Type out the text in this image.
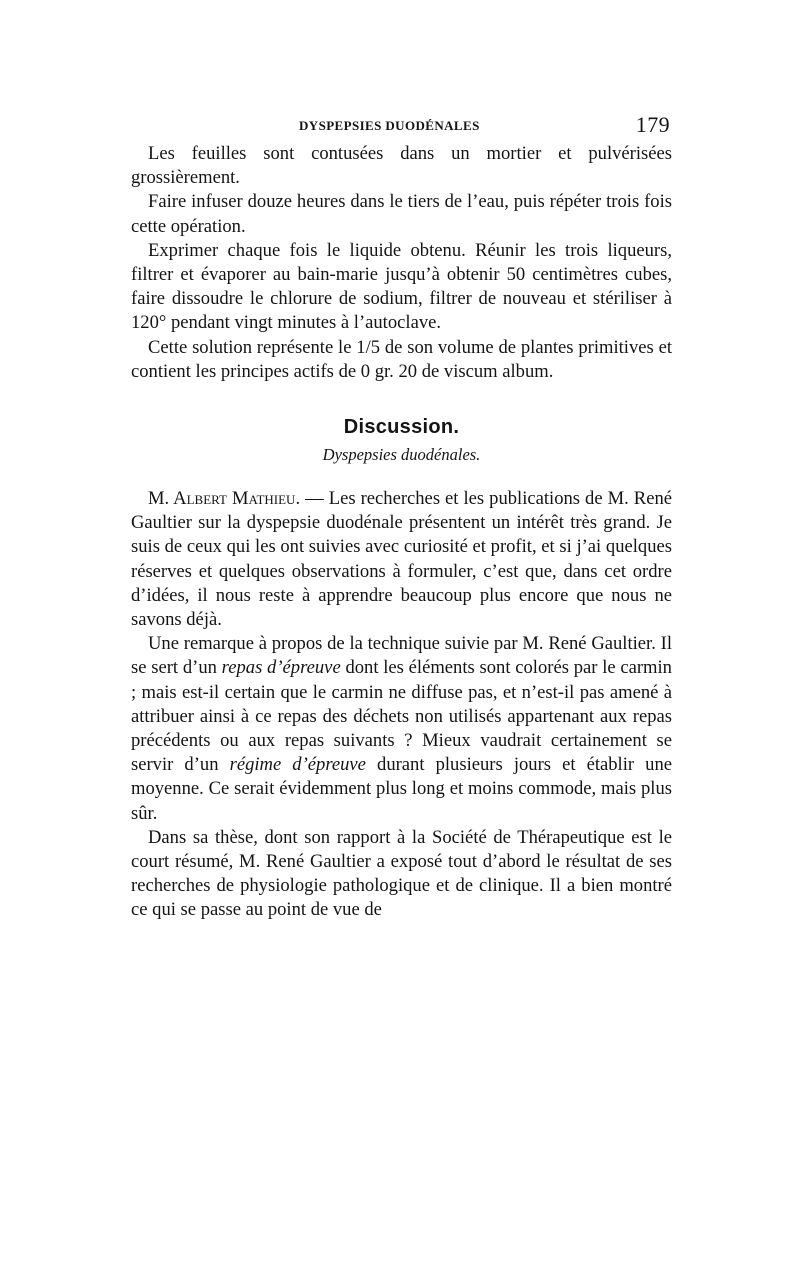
DYSPEPSIES DUODÉNALES	179

Les feuilles sont contusées dans un mortier et pulvérisées grossièrement.

Faire infuser douze heures dans le tiers de l’eau, puis répéter trois fois cette opération.

Exprimer chaque fois le liquide obtenu. Réunir les trois liqueurs, filtrer et évaporer au bain-marie jusqu’à obtenir 50 centimètres cubes, faire dissoudre le chlorure de sodium, filtrer de nouveau et stériliser à 120° pendant vingt minutes à l’autoclave.

Cette solution représente le 1/5 de son volume de plantes primitives et contient les principes actifs de 0 gr. 20 de viscum album.

Discussion.
Dyspepsies duodénales.

M. Albert Mathieu. — Les recherches et les publications de M. René Gaultier sur la dyspepsie duodénale présentent un intérêt très grand. Je suis de ceux qui les ont suivies avec curiosité et profit, et si j’ai quelques réserves et quelques observations à formuler, c’est que, dans cet ordre d’idées, il nous reste à apprendre beaucoup plus encore que nous ne savons déjà.

Une remarque à propos de la technique suivie par M. René Gaultier. Il se sert d’un repas d’épreuve dont les éléments sont colorés par le carmin ; mais est-il certain que le carmin ne diffuse pas, et n’est-il pas amené à attribuer ainsi à ce repas des déchets non utilisés appartenant aux repas précédents ou aux repas suivants ? Mieux vaudrait certainement se servir d’un régime d’épreuve durant plusieurs jours et établir une moyenne. Ce serait évidemment plus long et moins commode, mais plus sûr.

Dans sa thèse, dont son rapport à la Société de Thérapeutique est le court résumé, M. René Gaultier a exposé tout d’abord le résultat de ses recherches de physiologie pathologique et de clinique. Il a bien montré ce qui se passe au point de vue de
